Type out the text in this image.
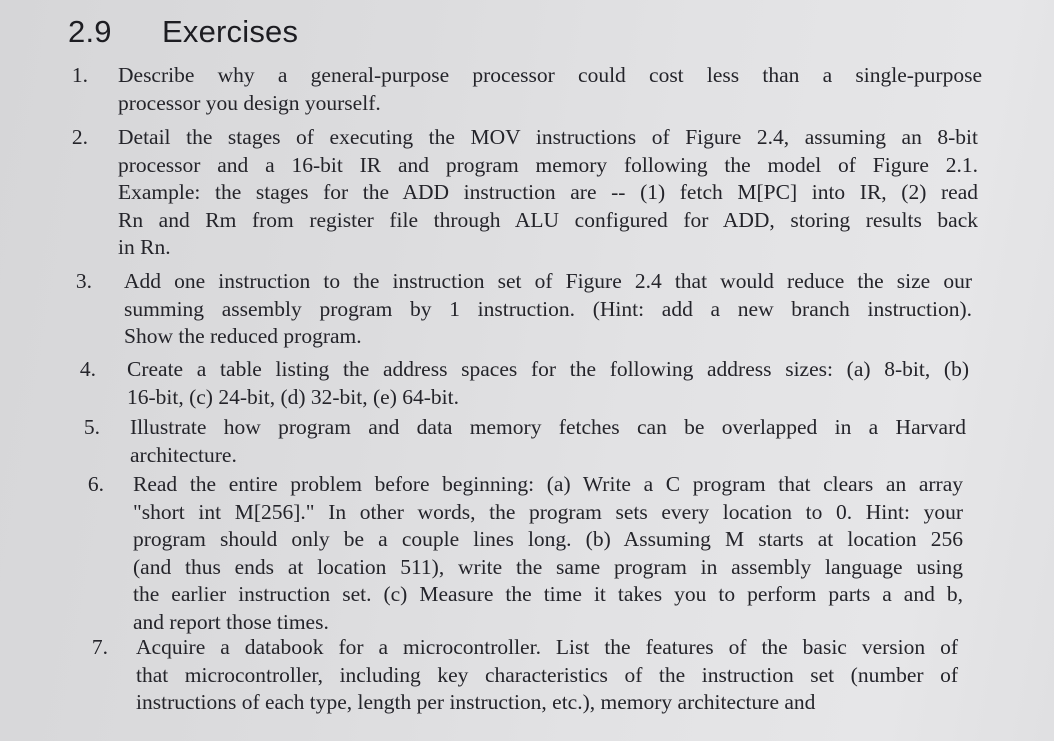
2.9 Exercises
1. Describe why a general-purpose processor could cost less than a single-purpose
processor you design yourself.
2. Detail the stages of executing the MOV instructions of Figure 2.4, assuming an 8-bit
processor and a 16-bit IR and program memory following the model of Figure 2.1.
Example: the stages for the ADD instruction are -- (1) fetch M[PC] into IR, (2) read
Rn and Rm from register file through ALU configured for ADD, storing results back
in Rn.
3. Add one instruction to the instruction set of Figure 2.4 that would reduce the size our
summing assembly program by 1 instruction. (Hint: add a new branch instruction).
Show the reduced program.
4. Create a table listing the address spaces for the following address sizes: (a) 8-bit, (b)
16-bit, (c) 24-bit, (d) 32-bit, (e) 64-bit.
5. Illustrate how program and data memory fetches can be overlapped in a Harvard
architecture.
6. Read the entire problem before beginning: (a) Write a C program that clears an array
"short int M[256]." In other words, the program sets every location to 0. Hint: your
program should only be a couple lines long. (b) Assuming M starts at location 256
(and thus ends at location 511), write the same program in assembly language using
the earlier instruction set. (c) Measure the time it takes you to perform parts a and b,
and report those times.
7. Acquire a databook for a microcontroller. List the features of the basic version of
that microcontroller, including key characteristics of the instruction set (number of
instructions of each type, length per instruction, etc.), memory architecture and
